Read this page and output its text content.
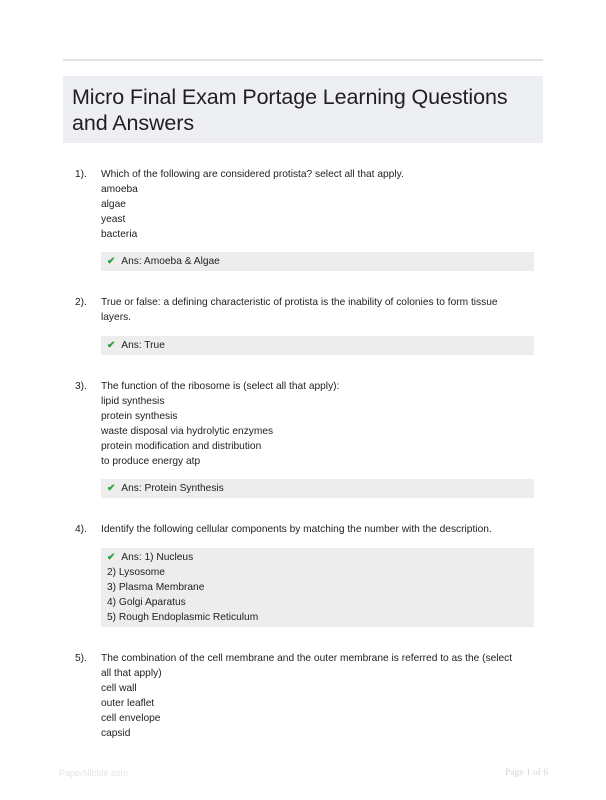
Micro Final Exam Portage Learning Questions
and Answers
1). Which of the following are considered protista? select all that apply.
amoeba
algae
yeast
bacteria
✔ Ans: Amoeba & Algae
2). True or false: a defining characteristic of protista is the inability of colonies to form tissue
layers.
✔ Ans: True
3). The function of the ribosome is (select all that apply):
lipid synthesis
protein synthesis
waste disposal via hydrolytic enzymes
protein modification and distribution
to produce energy atp
✔ Ans: Protein Synthesis
4). Identify the following cellular components by matching the number with the description.
✔ Ans: 1) Nucleus
2) Lysosome
3) Plasma Membrane
4) Golgi Aparatus
5) Rough Endoplasmic Reticulum
5). The combination of the cell membrane and the outer membrane is referred to as the (select
all that apply)
cell wall
outer leaflet
cell envelope
capsid
PaperNibble.com	Page 1 of 6
